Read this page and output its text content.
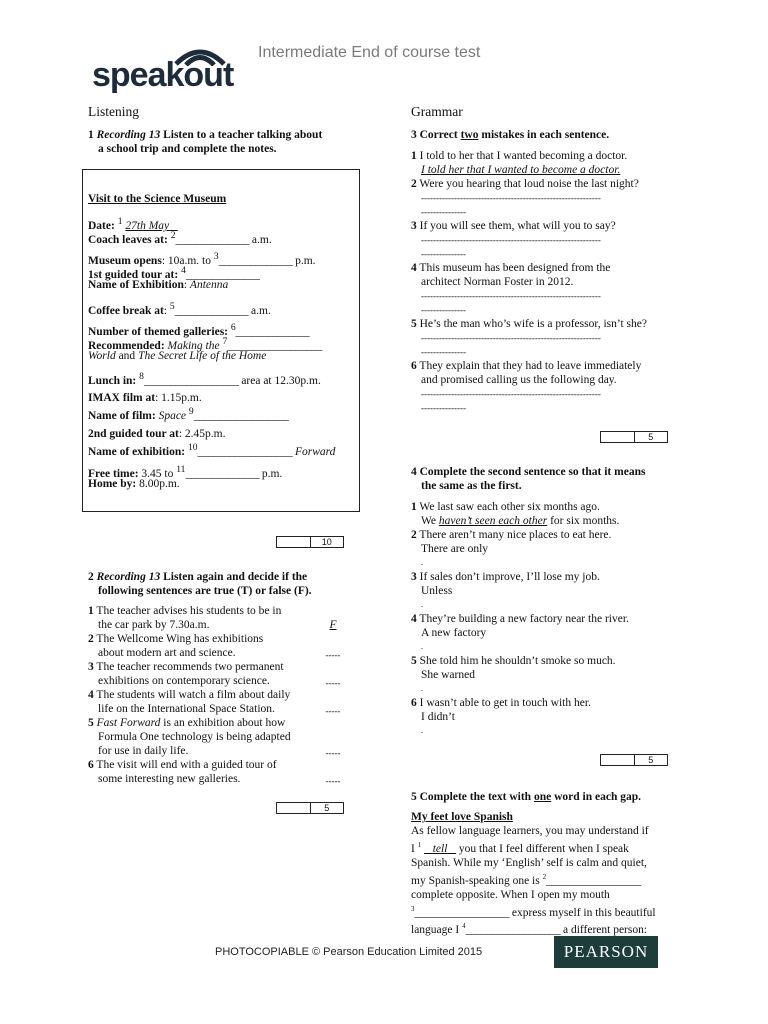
speakout
Intermediate End of course test
Listening
1 Recording 13 Listen to a teacher talking about
a school trip and complete the notes.
Visit to the Science Museum
Date: $^1$ 27th May
Coach leaves at: $^2$______________ a.m.
Museum opens: 10a.m. to $^3$______________ p.m.
1st guided tour at: $^4$______________
Name of Exhibition: Antenna
Coffee break at: $^5$______________ a.m.
Number of themed galleries: $^6$______________
Recommended: Making the $^7$__________________
World and The Secret Life of the Home
Lunch in: $^8$__________________ area at 12.30p.m.
IMAX film at: 1.15p.m.
Name of film: Space $^9$__________________
2nd guided tour at: 2.45p.m.
Name of exhibition: $^{10}$__________________ Forward
Free time: 3.45 to $^{11}$______________ p.m.
Home by: 8.00p.m.
10
2 Recording 13 Listen again and decide if the
following sentences are true (T) or false (F).
1 The teacher advises his students to be in
the car park by 7.30a.m.	F
2 The Wellcome Wing has exhibitions
about modern art and science.	-----
3 The teacher recommends two permanent
exhibitions on contemporary science.	-----
4 The students will watch a film about daily
life on the International Space Station.	-----
5 Fast Forward is an exhibition about how
Formula One technology is being adapted
for use in daily life.	-----
6 The visit will end with a guided tour of
some interesting new galleries.	-----
5
Grammar
3 Correct two mistakes in each sentence.
1 I told to her that I wanted becoming a doctor.
I told her that I wanted to become a doctor.
2 Were you hearing that loud noise the last night?
------------------------------------------------------------
---------------
3 If you will see them, what will you to say?
------------------------------------------------------------
---------------
4 This museum has been designed from the
architect Norman Foster in 2012.
------------------------------------------------------------
---------------
5 He’s the man who’s wife is a professor, isn’t she?
------------------------------------------------------------
---------------
6 They explain that they had to leave immediately
and promised calling us the following day.
------------------------------------------------------------
---------------
5
4 Complete the second sentence so that it means
the same as the first.
1 We last saw each other six months ago.
We haven’t seen each other for six months.
2 There aren’t many nice places to eat here.
There are only
.
3 If sales don’t improve, I’ll lose my job.
Unless
.
4 They’re building a new factory near the river.
A new factory
.
5 She told him he shouldn’t smoke so much.
She warned
.
6 I wasn’t able to get in touch with her.
I didn’t
.
5
5 Complete the text with one word in each gap.
My feet love Spanish
As fellow language learners, you may understand if
I $^1$  _tell _ you that I feel different when I speak
Spanish. While my ‘English’ self is calm and quiet,
my Spanish-speaking one is $^2$__________________
complete opposite. When I open my mouth
$^3$__________________ express myself in this beautiful
language I $^4$__________________ a different person:
PHOTOCOPIABLE © Pearson Education Limited 2015	PEARSON
